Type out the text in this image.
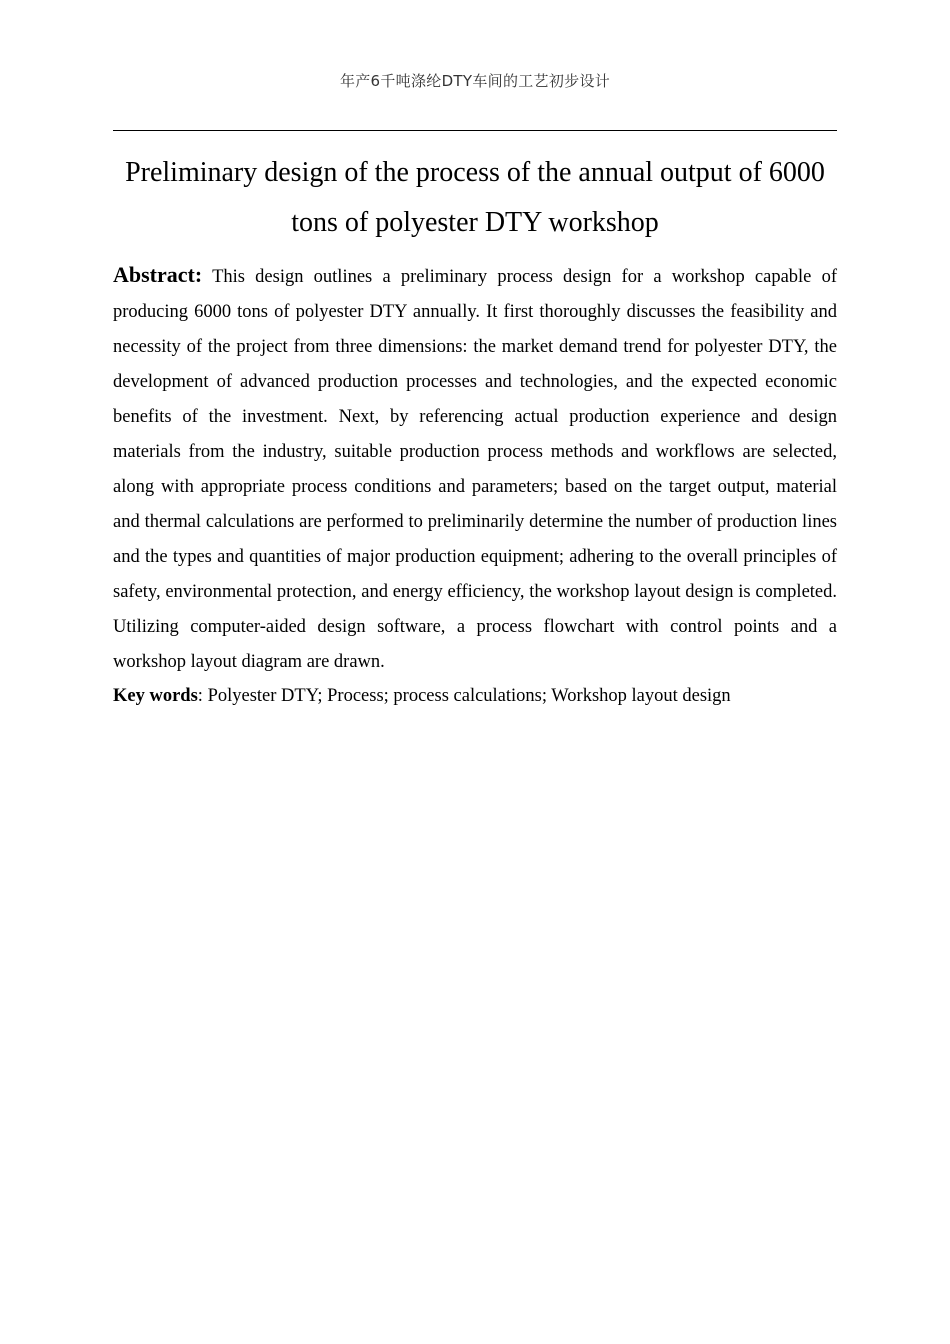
年产6千吨涤纶DTY车间的工艺初步设计
Preliminary design of the process of the annual output of 6000 tons of polyester DTY workshop

Abstract: This design outlines a preliminary process design for a workshop capable of producing 6000 tons of polyester DTY annually. It first thoroughly discusses the feasibility and necessity of the project from three dimensions: the market demand trend for polyester DTY, the development of advanced production processes and technologies, and the expected economic benefits of the investment. Next, by referencing actual production experience and design materials from the industry, suitable production process methods and workflows are selected, along with appropriate process conditions and parameters; based on the target output, material and thermal calculations are performed to preliminarily determine the number of production lines and the types and quantities of major production equipment; adhering to the overall principles of safety, environmental protection, and energy efficiency, the workshop layout design is completed. Utilizing computer-aided design software, a process flowchart with control points and a workshop layout diagram are drawn.

Key words: Polyester DTY; Process; process calculations; Workshop layout design
